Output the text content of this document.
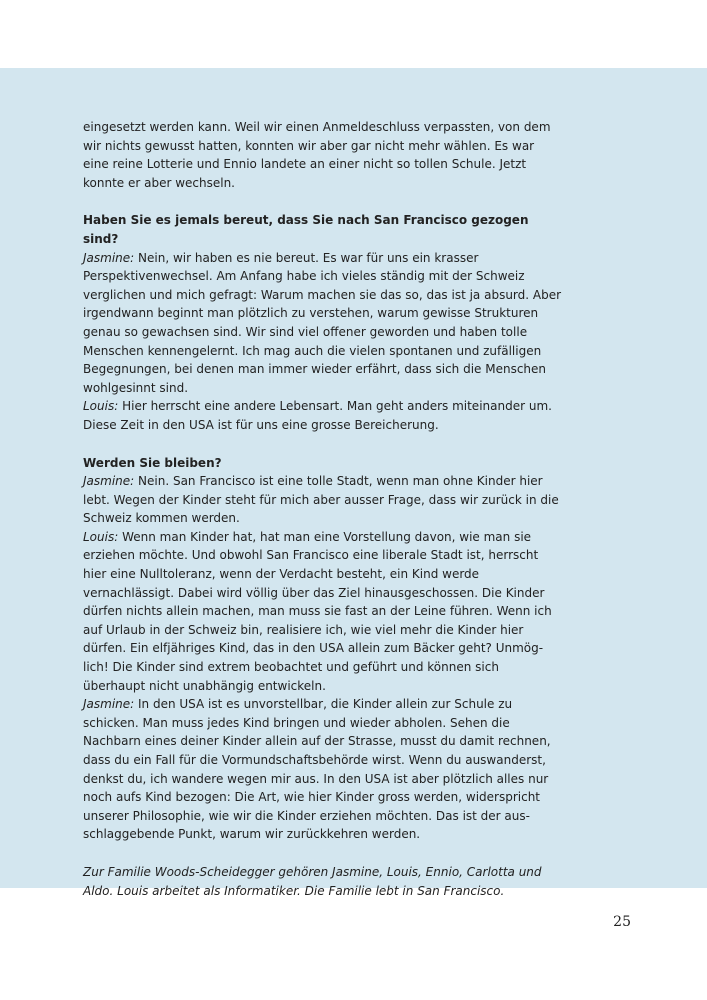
eingesetzt werden kann. Weil wir einen Anmeldeschluss verpassten, von dem wir nichts gewusst hatten, konnten wir aber gar nicht mehr wählen. Es war eine reine Lotterie und Ennio landete an einer nicht so tollen Schule. Jetzt konnte er aber wechseln.

Haben Sie es jemals bereut, dass Sie nach San Francisco gezogen sind?

Jasmine: Nein, wir haben es nie bereut. Es war für uns ein krasser Perspektivenwechsel. Am Anfang habe ich vieles ständig mit der Schweiz verglichen und mich gefragt: Warum machen sie das so, das ist ja absurd. Aber irgendwann beginnt man plötzlich zu verstehen, warum gewisse Strukturen genau so gewachsen sind. Wir sind viel offener geworden und haben tolle Menschen kennengelernt. Ich mag auch die vielen spontanen und zufälligen Begegnungen, bei denen man immer wieder erfährt, dass sich die Menschen wohlgesinnt sind.

Louis: Hier herrscht eine andere Lebensart. Man geht anders miteinander um. Diese Zeit in den USA ist für uns eine grosse Bereicherung.

Werden Sie bleiben?

Jasmine: Nein. San Francisco ist eine tolle Stadt, wenn man ohne Kinder hier lebt. Wegen der Kinder steht für mich aber ausser Frage, dass wir zurück in die Schweiz kommen werden.

Louis: Wenn man Kinder hat, hat man eine Vorstellung davon, wie man sie erziehen möchte. Und obwohl San Francisco eine liberale Stadt ist, herrscht hier eine Nulltoleranz, wenn der Verdacht besteht, ein Kind werde vernachlässigt. Dabei wird völlig über das Ziel hinausgeschossen. Die Kinder dürfen nichts allein machen, man muss sie fast an der Leine führen. Wenn ich auf Urlaub in der Schweiz bin, realisiere ich, wie viel mehr die Kinder hier dürfen. Ein elfjähriges Kind, das in den USA allein zum Bäcker geht? Unmöglich! Die Kinder sind extrem beobachtet und geführt und können sich überhaupt nicht unabhängig entwickeln.

Jasmine: In den USA ist es unvorstellbar, die Kinder allein zur Schule zu schicken. Man muss jedes Kind bringen und wieder abholen. Sehen die Nachbarn eines deiner Kinder allein auf der Strasse, musst du damit rechnen, dass du ein Fall für die Vormundschaftsbehörde wirst. Wenn du auswanderst, denkst du, ich wandere wegen mir aus. In den USA ist aber plötzlich alles nur noch aufs Kind bezogen: Die Art, wie hier Kinder gross werden, widerspricht unserer Philosophie, wie wir die Kinder erziehen möchten. Das ist der ausschlaggebende Punkt, warum wir zurückkehren werden.

Zur Familie Woods-Scheidegger gehören Jasmine, Louis, Ennio, Carlotta und Aldo. Louis arbeitet als Informatiker. Die Familie lebt in San Francisco.

25
